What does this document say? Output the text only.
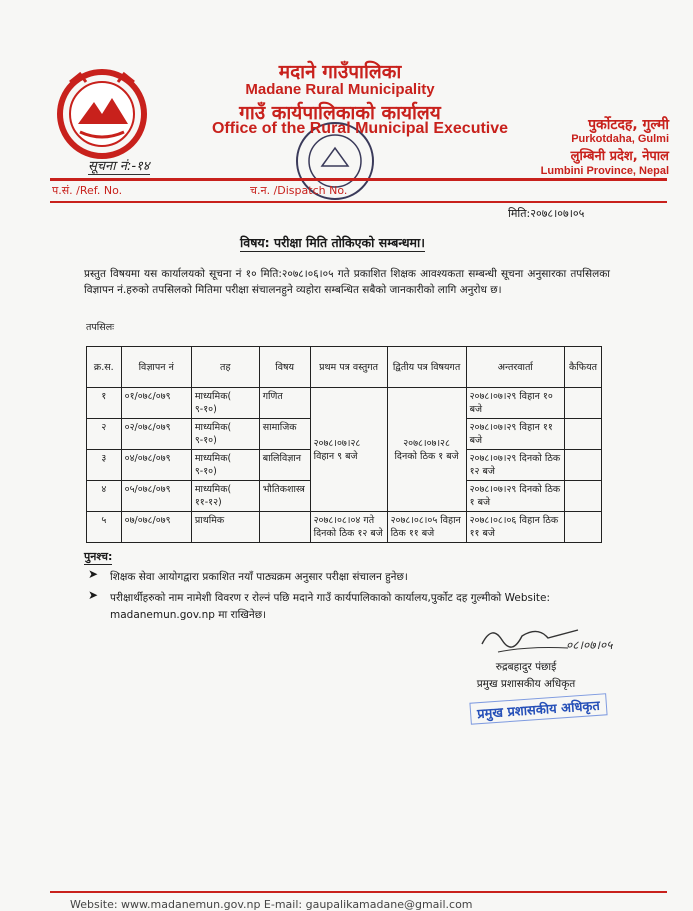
मदाने गाउँपालिका
Madane Rural Municipality
गाउँ कार्यपालिकाको कार्यालय
Office of the Rural Municipal Executive	पुर्कोटदह, गुल्मी
Purkotdaha, Gulmi
लुम्बिनी प्रदेश, नेपाल
Lumbini Province, Nepal
सूचना नं:-१४
प.सं. /Ref. No.	च.न. /Dispatch No.
मिति:२०७८।०७।०५
विषय: परीक्षा मिति तोकिएको सम्बन्धमा।
प्रस्तुत विषयमा यस कार्यालयको सूचना नं १० मिति:२०७८।०६।०५ गते प्रकाशित शिक्षक आवश्यकता सम्बन्धी सूचना अनुसारका तपसिलका विज्ञापन नं.हरुको तपसिलको मितिमा परीक्षा संचालनहुने व्यहोरा सम्बन्धित सबैको जानकारीको लागि अनुरोध छ।
तपसिलः
क्र.स.	विज्ञापन नं	तह	विषय	प्रथम पत्र वस्तुगत	द्वितीय पत्र विषयगत	अन्तरवार्ता	कैफियत
१	०१/०७८/०७९	माध्यमिक( ९-१०)	गणित	२०७८।०७।२८ विहान ९ बजे	२०७८।०७।२८ दिनको ठिक १ बजे	२०७८।०७।२९ विहान १० बजे	
२	०२/०७८/०७९	माध्यमिक( ९-१०)	सामाजिक			२०७८।०७।२९ विहान ११ बजे	
३	०४/०७८/०७९	माध्यमिक( ९-१०)	बालिविज्ञान			२०७८।०७।२९ दिनको ठिक १२ बजे	
४	०५/०७८/०७९	माध्यमिक( ११-१२)	भौतिकशास्त्र			२०७८।०७।२९ दिनको ठिक १ बजे	
५	०७/०७८/०७९	प्राथमिक		२०७८।०८।०४ गते दिनको ठिक १२ बजे	२०७८।०८।०५ विहान ठिक ११ बजे	२०७८।०८।०६ विहान ठिक ११ बजे	
पुनश्च:
➤ शिक्षक सेवा आयोगद्वारा प्रकाशित नयाँ पाठ्यक्रम अनुसार परीक्षा संचालन हुनेछ।
➤ परीक्षार्थीहरुको नाम नामेशी विवरण र रोल्नं पछि मदाने गाउँ कार्यपालिकाको कार्यालय,पुर्कोट दह गुल्मीको Website: madanemun.gov.np मा राखिनेछ।
०८।०७।०५
रुद्रबहादुर पंछाई
प्रमुख प्रशासकीय अधिकृत
प्रमुख प्रशासकीय अधिकृत
Website: www.madanemun.gov.np E-mail: gaupalikamadane@gmail.com
